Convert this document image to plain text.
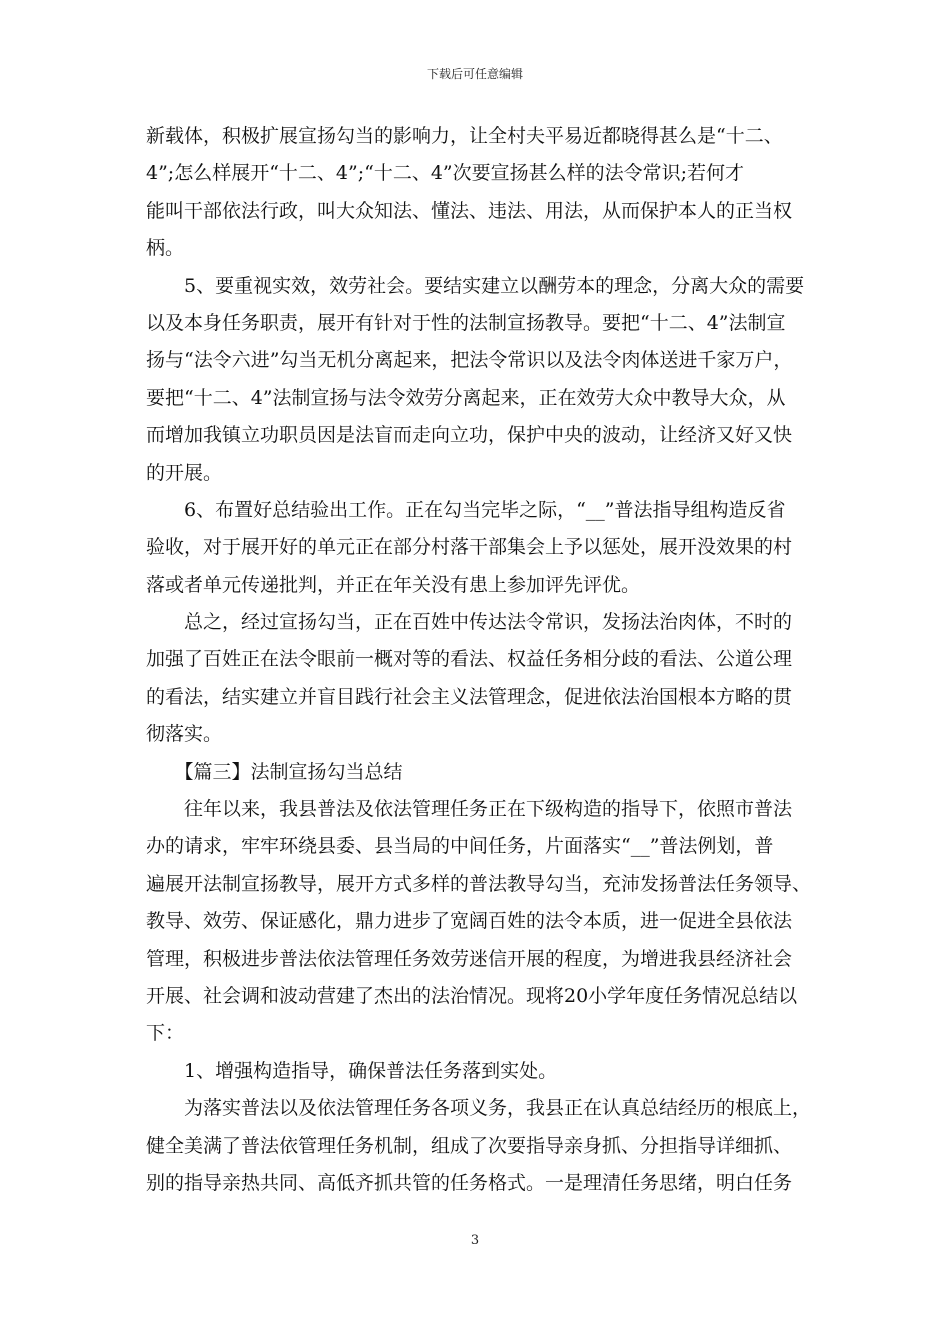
下载后可任意编辑
新载体，积极扩展宣扬勾当的影响力，让全村夫平易近都晓得甚么是“十二、
4”;怎么样展开“十二、4”;“十二、4”次要宣扬甚么样的法令常识;若何才
能叫干部依法行政，叫大众知法、懂法、违法、用法，从而保护本人的正当权
柄。
　　5、要重视实效，效劳社会。要结实建立以酬劳本的理念，分离大众的需要
以及本身任务职责，展开有针对于性的法制宣扬教导。要把“十二、4”法制宣
扬与“法令六进”勾当无机分离起来，把法令常识以及法令肉体送进千家万户，
要把“十二、4”法制宣扬与法令效劳分离起来，正在效劳大众中教导大众，从
而增加我镇立功职员因是法盲而走向立功，保护中央的波动，让经济又好又快
的开展。
　　6、布置好总结验出工作。正在勾当完毕之际，“__”普法指导组构造反省
验收，对于展开好的单元正在部分村落干部集会上予以惩处，展开没效果的村
落或者单元传递批判，并正在年关没有患上参加评先评优。
　　总之，经过宣扬勾当，正在百姓中传达法令常识，发扬法治肉体，不时的
加强了百姓正在法令眼前一概对等的看法、权益任务相分歧的看法、公道公理
的看法，结实建立并盲目践行社会主义法管理念，促进依法治国根本方略的贯
彻落实。
　　【篇三】法制宣扬勾当总结
　　往年以来，我县普法及依法管理任务正在下级构造的指导下，依照市普法
办的请求，牢牢环绕县委、县当局的中间任务，片面落实“__”普法例划，普
遍展开法制宣扬教导，展开方式多样的普法教导勾当，充沛发扬普法任务领导、
教导、效劳、保证感化，鼎力进步了宽阔百姓的法令本质，进一促进全县依法
管理，积极进步普法依法管理任务效劳迷信开展的程度，为增进我县经济社会
开展、社会调和波动营建了杰出的法治情况。现将20小学年度任务情况总结以
下：
　　1、增强构造指导，确保普法任务落到实处。
　　为落实普法以及依法管理任务各项义务，我县正在认真总结经历的根底上，
健全美满了普法依管理任务机制，组成了次要指导亲身抓、分担指导详细抓、
别的指导亲热共同、高低齐抓共管的任务格式。一是理清任务思绪，明白任务
3
